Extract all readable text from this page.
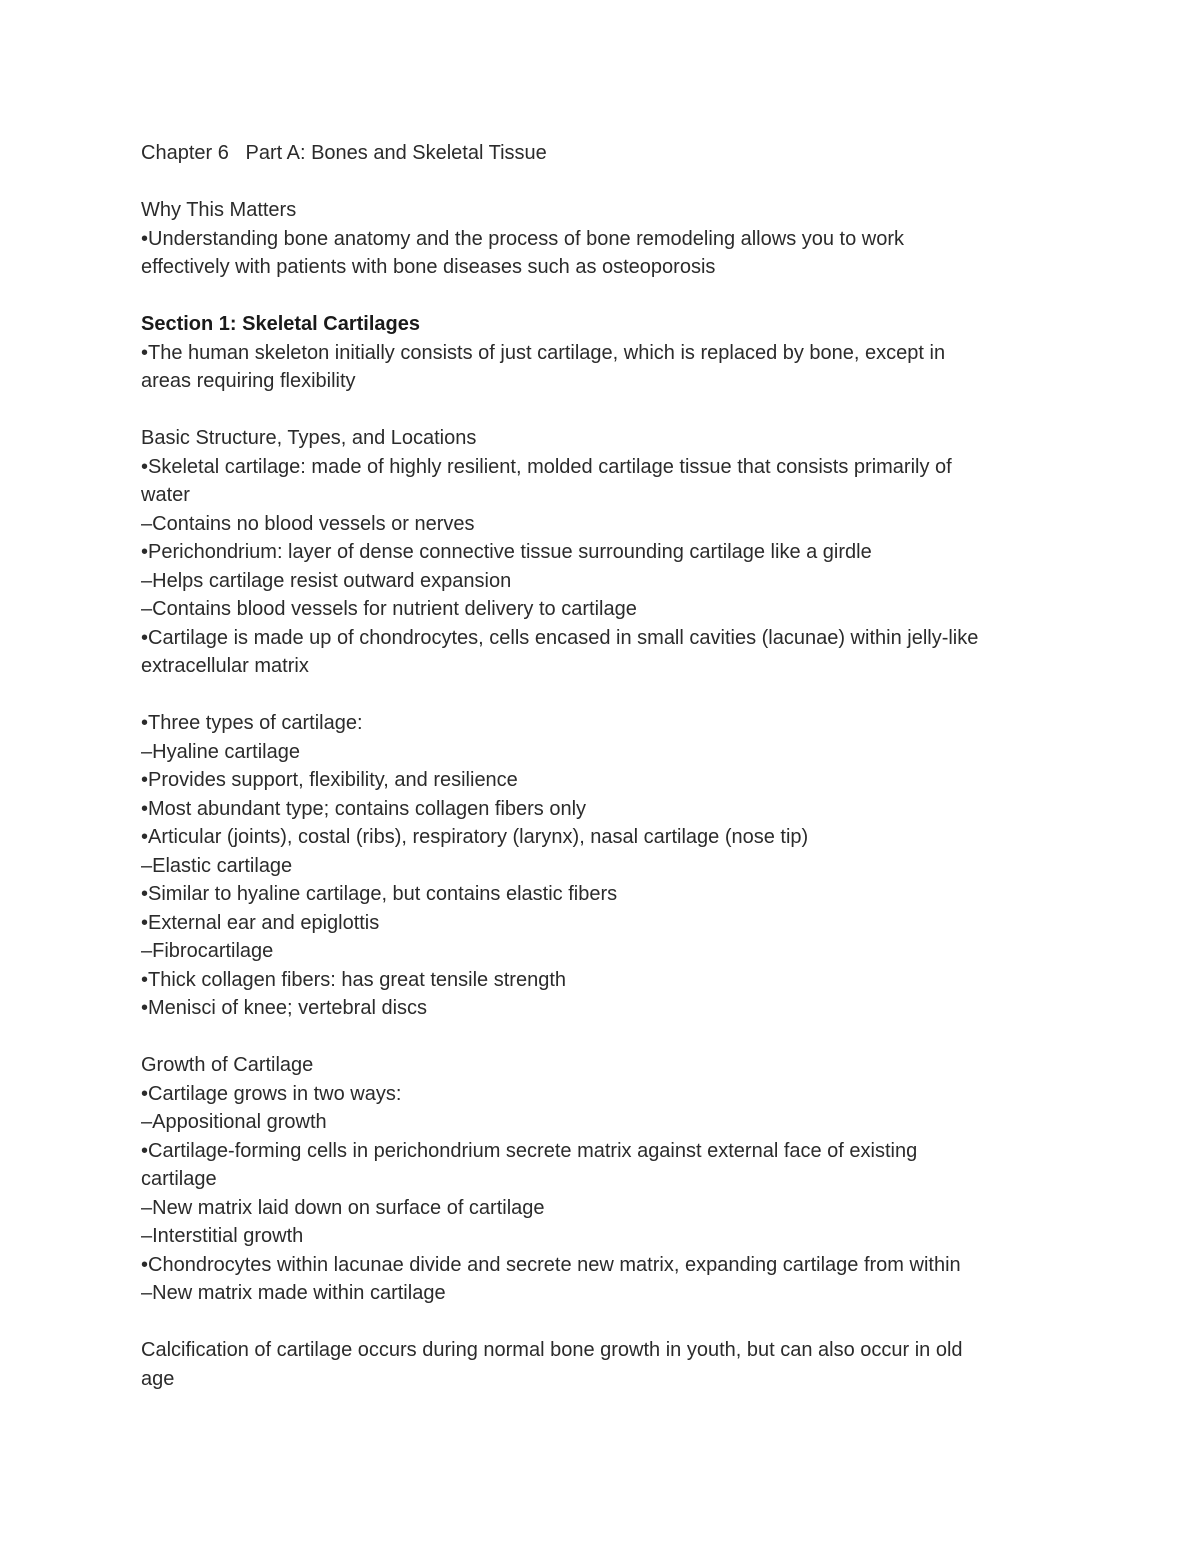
Chapter 6   Part A: Bones and Skeletal Tissue
Why This Matters
•Understanding bone anatomy and the process of bone remodeling allows you to work
effectively with patients with bone diseases such as osteoporosis
Section 1: Skeletal Cartilages
•The human skeleton initially consists of just cartilage, which is replaced by bone, except in
areas requiring flexibility
Basic Structure, Types, and Locations
•Skeletal cartilage: made of highly resilient, molded cartilage tissue that consists primarily of
water
–Contains no blood vessels or nerves
•Perichondrium: layer of dense connective tissue surrounding cartilage like a girdle
–Helps cartilage resist outward expansion
–Contains blood vessels for nutrient delivery to cartilage
•Cartilage is made up of chondrocytes, cells encased in small cavities (lacunae) within jelly-like
extracellular matrix
•Three types of cartilage:
–Hyaline cartilage
•Provides support, flexibility, and resilience
•Most abundant type; contains collagen fibers only
•Articular (joints), costal (ribs), respiratory (larynx), nasal cartilage (nose tip)
–Elastic cartilage
•Similar to hyaline cartilage, but contains elastic fibers
•External ear and epiglottis
–Fibrocartilage
•Thick collagen fibers: has great tensile strength
•Menisci of knee; vertebral discs
Growth of Cartilage
•Cartilage grows in two ways:
–Appositional growth
•Cartilage-forming cells in perichondrium secrete matrix against external face of existing
cartilage
–New matrix laid down on surface of cartilage
–Interstitial growth
•Chondrocytes within lacunae divide and secrete new matrix, expanding cartilage from within
–New matrix made within cartilage
Calcification of cartilage occurs during normal bone growth in youth, but can also occur in old
age
